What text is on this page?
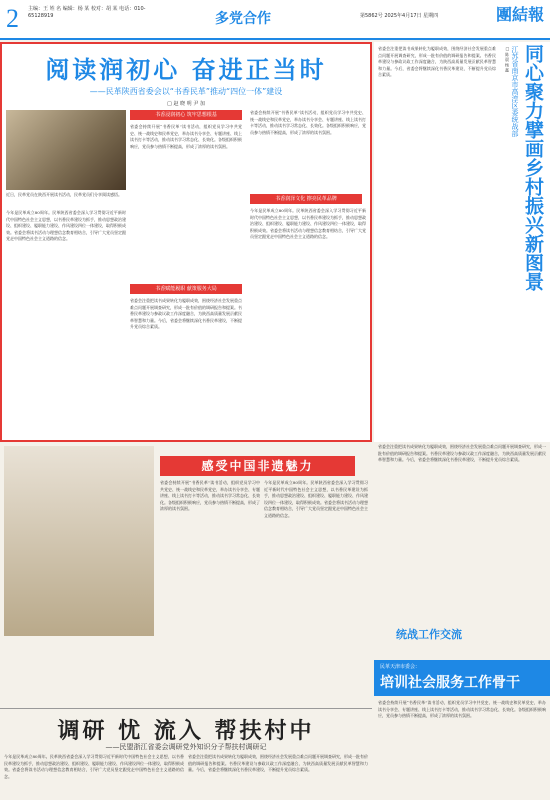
2 主编：王 姓 名 编辑：杨 某 校对：胡 某 电话：010-65128919	多党合作	第5862号 2025年4月17日 星期四	團結報
阅读润初心 奋进正当时
——民革陕西省委会以“书香民革”推动“四位一体”建设
□ 赵 晓 明 尹 加
近日，民革党员在陕西开展读书活动，民革党员们分享阅读感悟。
今年是民革成立80周年。民革陕西省委会深入学习贯彻习近平新时代中国特色社会主义思想，以书香民革建设为抓手，推动思想政治建设、组织建设、履职能力建设、作风建设四位一体建设，取得积极成效。省委会将读书活动与理想信念教育相结合，引导广大党员坚定跟党走中国特色社会主义道路的信念。
书香浸润初心 筑牢思想根基
省委会持续开展“书香民革”读书活动，组织党员学习中共党史、统一战线史和民革党史，举办读书分享会、专题讲座、线上读书打卡等活动，推动读书学习常态化、长效化。各级组织积极响应，党员参与热情不断提高，形成了浓厚的读书氛围。
书香赋能履职 献策服务大局
省委会注重把读书成果转化为履职成效，围绕经济社会发展重点难点问题开展调查研究，形成一批有价值的调研报告和提案。书香民革建设与参政议政工作深度融合，为陕西高质量发展贡献民革智慧和力量。今后，省委会将继续深化书香民革建设，不断提升党员综合素质。
书香润泽文化 擦亮民革品牌
省委会持续开展“书香民革”读书活动，组织党员学习中共党史、统一战线史和民革党史，举办读书分享会、专题讲座、线上读书打卡等活动，推动读书学习常态化、长效化。各级组织积极响应，党员参与热情不断提高，形成了浓厚的读书氛围。
今年是民革成立80周年。民革陕西省委会深入学习贯彻习近平新时代中国特色社会主义思想，以书香民革建设为抓手，推动思想政治建设、组织建设、履职能力建设、作风建设四位一体建设，取得积极成效。省委会将读书活动与理想信念教育相结合，引导广大党员坚定跟党走中国特色社会主义道路的信念。	同心聚力擘画乡村振兴新图景
江苏省南京市高淳区委统战部
□ 陈 晨 杨 鑫
省委会注重把读书成果转化为履职成效，围绕经济社会发展重点难点问题开展调查研究，形成一批有价值的调研报告和提案。书香民革建设与参政议政工作深度融合，为陕西高质量发展贡献民革智慧和力量。今后，省委会将继续深化书香民革建设，不断提升党员综合素质。
感受中国非遗魅力
省委会持续开展“书香民革”读书活动，组织党员学习中共党史、统一战线史和民革党史，举办读书分享会、专题讲座、线上读书打卡等活动，推动读书学习常态化、长效化。各级组织积极响应，党员参与热情不断提高，形成了浓厚的读书氛围。
今年是民革成立80周年。民革陕西省委会深入学习贯彻习近平新时代中国特色社会主义思想，以书香民革建设为抓手，推动思想政治建设、组织建设、履职能力建设、作风建设四位一体建设，取得积极成效。省委会将读书活动与理想信念教育相结合，引导广大党员坚定跟党走中国特色社会主义道路的信念。
省委会注重把读书成果转化为履职成效，围绕经济社会发展重点难点问题开展调查研究，形成一批有价值的调研报告和提案。书香民革建设与参政议政工作深度融合，为陕西高质量发展贡献民革智慧和力量。今后，省委会将继续深化书香民革建设，不断提升党员综合素质。
统战工作交流
民革天津市委会：
培训社会服务工作骨干
省委会持续开展“书香民革”读书活动，组织党员学习中共党史、统一战线史和民革党史，举办读书分享会、专题讲座、线上读书打卡等活动，推动读书学习常态化、长效化。各级组织积极响应，党员参与热情不断提高，形成了浓厚的读书氛围。
调研 忧 流入 帮扶村中
——民盟浙江省委会调研党外知识分子帮扶村调研记
今年是民革成立80周年。民革陕西省委会深入学习贯彻习近平新时代中国特色社会主义思想，以书香民革建设为抓手，推动思想政治建设、组织建设、履职能力建设、作风建设四位一体建设，取得积极成效。省委会将读书活动与理想信念教育相结合，引导广大党员坚定跟党走中国特色社会主义道路的信念。
省委会注重把读书成果转化为履职成效，围绕经济社会发展重点难点问题开展调查研究，形成一批有价值的调研报告和提案。书香民革建设与参政议政工作深度融合，为陕西高质量发展贡献民革智慧和力量。今后，省委会将继续深化书香民革建设，不断提升党员综合素质。
